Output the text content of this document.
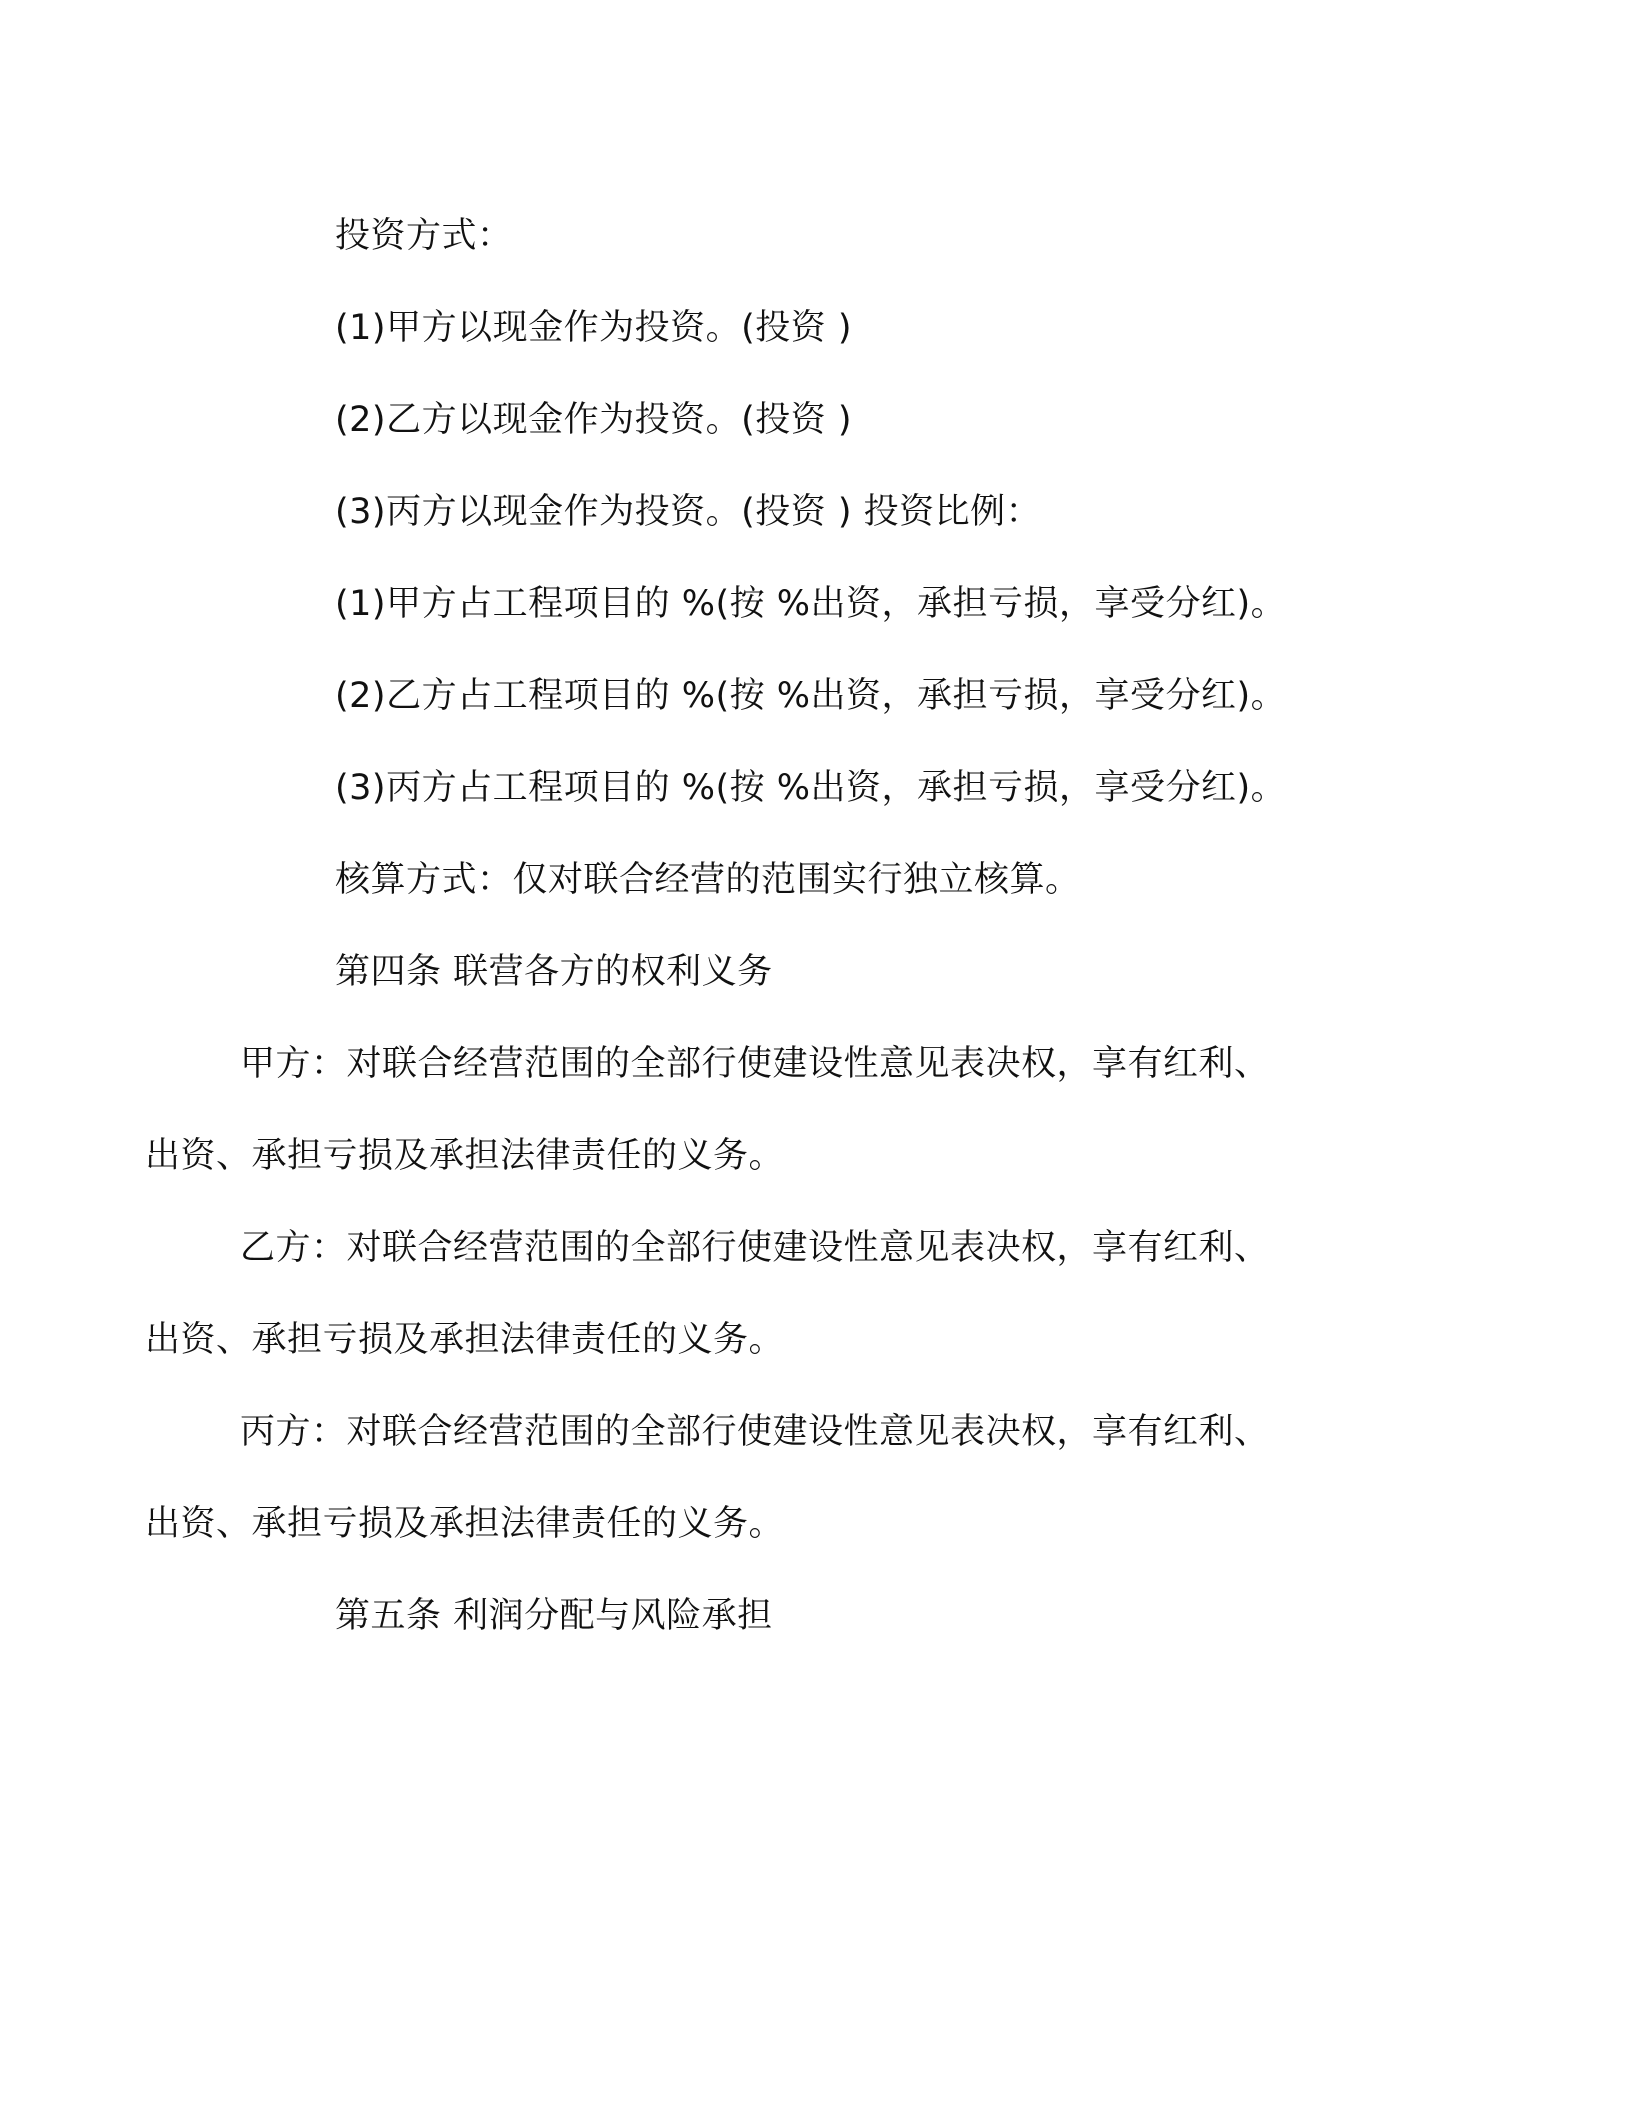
投资方式：

(1)甲方以现金作为投资。(投资 )

(2)乙方以现金作为投资。(投资 )

(3)丙方以现金作为投资。(投资 ) 投资比例：

(1)甲方占工程项目的 %(按 %出资，承担亏损，享受分红)。

(2)乙方占工程项目的 %(按 %出资，承担亏损，享受分红)。

(3)丙方占工程项目的 %(按 %出资，承担亏损，享受分红)。

核算方式：仅对联合经营的范围实行独立核算。

第四条 联营各方的权利义务

甲方：对联合经营范围的全部行使建设性意见表决权，享有红利、
出资、承担亏损及承担法律责任的义务。
乙方：对联合经营范围的全部行使建设性意见表决权，享有红利、
出资、承担亏损及承担法律责任的义务。
丙方：对联合经营范围的全部行使建设性意见表决权，享有红利、
出资、承担亏损及承担法律责任的义务。

第五条 利润分配与风险承担
